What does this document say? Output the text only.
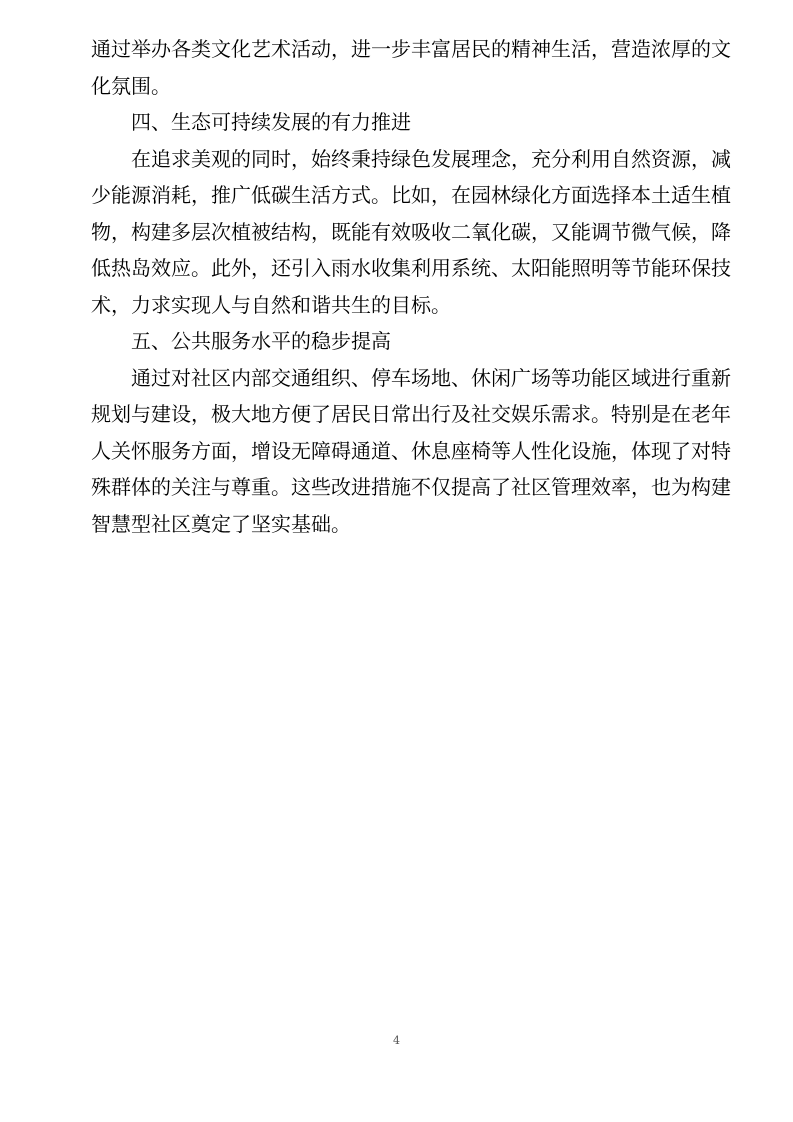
通过举办各类文化艺术活动，进一步丰富居民的精神生活，营造浓厚的文
化氛围。
四、生态可持续发展的有力推进
在追求美观的同时，始终秉持绿色发展理念，充分利用自然资源，减
少能源消耗，推广低碳生活方式。比如，在园林绿化方面选择本土适生植
物，构建多层次植被结构，既能有效吸收二氧化碳，又能调节微气候，降
低热岛效应。此外，还引入雨水收集利用系统、太阳能照明等节能环保技
术，力求实现人与自然和谐共生的目标。
五、公共服务水平的稳步提高
通过对社区内部交通组织、停车场地、休闲广场等功能区域进行重新
规划与建设，极大地方便了居民日常出行及社交娱乐需求。特别是在老年
人关怀服务方面，增设无障碍通道、休息座椅等人性化设施，体现了对特
殊群体的关注与尊重。这些改进措施不仅提高了社区管理效率，也为构建
智慧型社区奠定了坚实基础。
4
